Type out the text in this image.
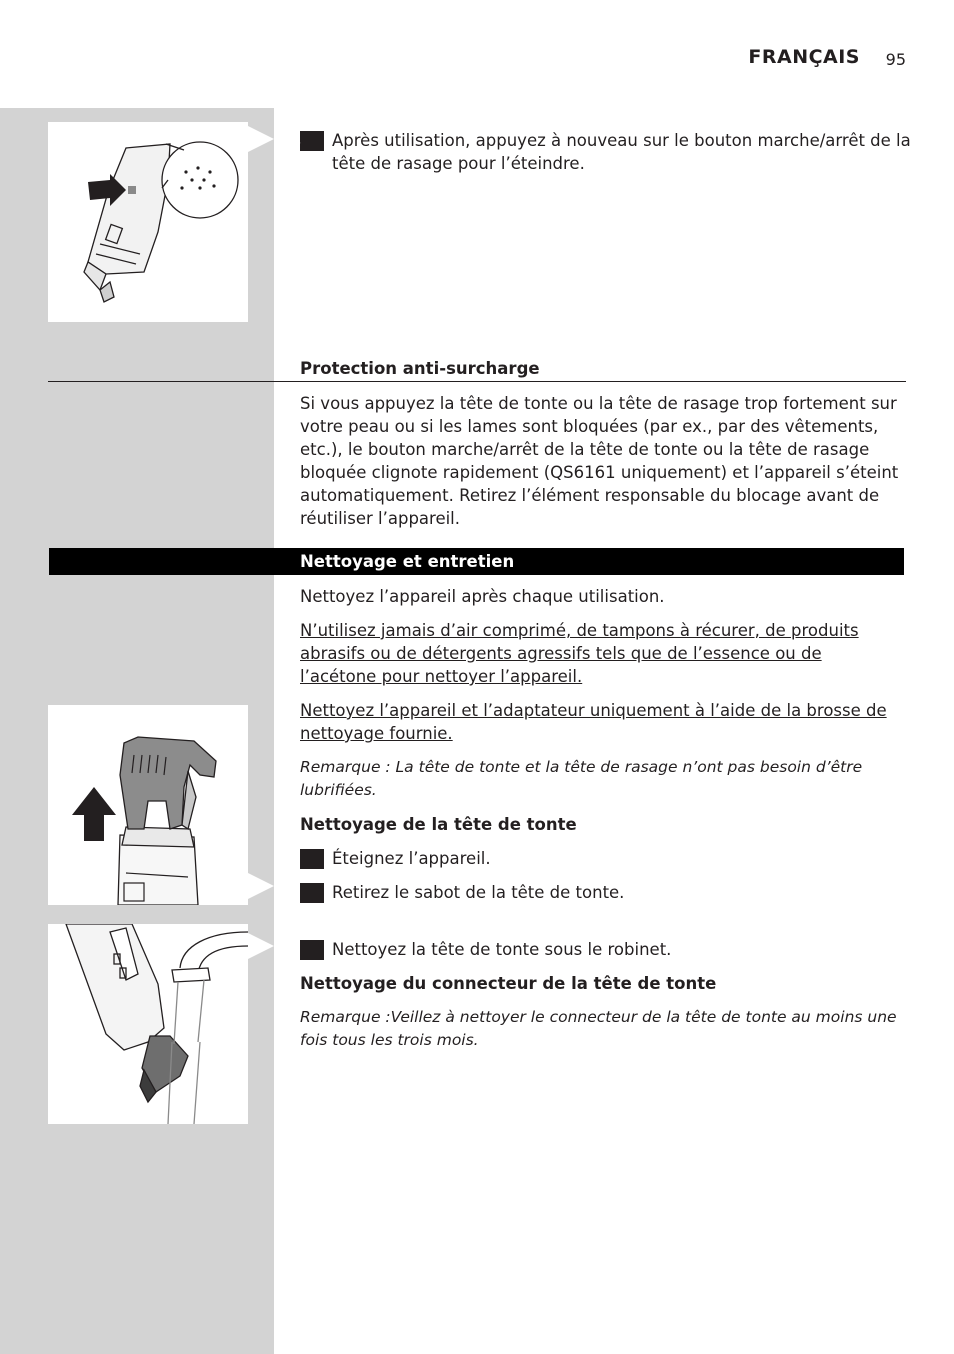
FRANÇAIS 95
4 Après utilisation, appuyez à nouveau sur le bouton marche/arrêt de la tête de rasage pour l’éteindre.
Protection anti-surcharge
Si vous appuyez la tête de tonte ou la tête de rasage trop fortement sur votre peau ou si les lames sont bloquées (par ex., par des vêtements, etc.), le bouton marche/arrêt de la tête de tonte ou la tête de rasage bloquée clignote rapidement (QS6161 uniquement) et l’appareil s’éteint automatiquement. Retirez l’élément responsable du blocage avant de réutiliser l’appareil.
Nettoyage et entretien
Nettoyez l’appareil après chaque utilisation.
N’utilisez jamais d’air comprimé, de tampons à récurer, de produits abrasifs ou de détergents agressifs tels que de l’essence ou de l’acétone pour nettoyer l’appareil.
Nettoyez l’appareil et l’adaptateur uniquement à l’aide de la brosse de nettoyage fournie.
Remarque : La tête de tonte et la tête de rasage n’ont pas besoin d’être lubrifiées.
Nettoyage de la tête de tonte
1 Éteignez l’appareil.
2 Retirez le sabot de la tête de tonte.
3 Nettoyez la tête de tonte sous le robinet.
Nettoyage du connecteur de la tête de tonte
Remarque :Veillez à nettoyer le connecteur de la tête de tonte au moins une fois tous les trois mois.
